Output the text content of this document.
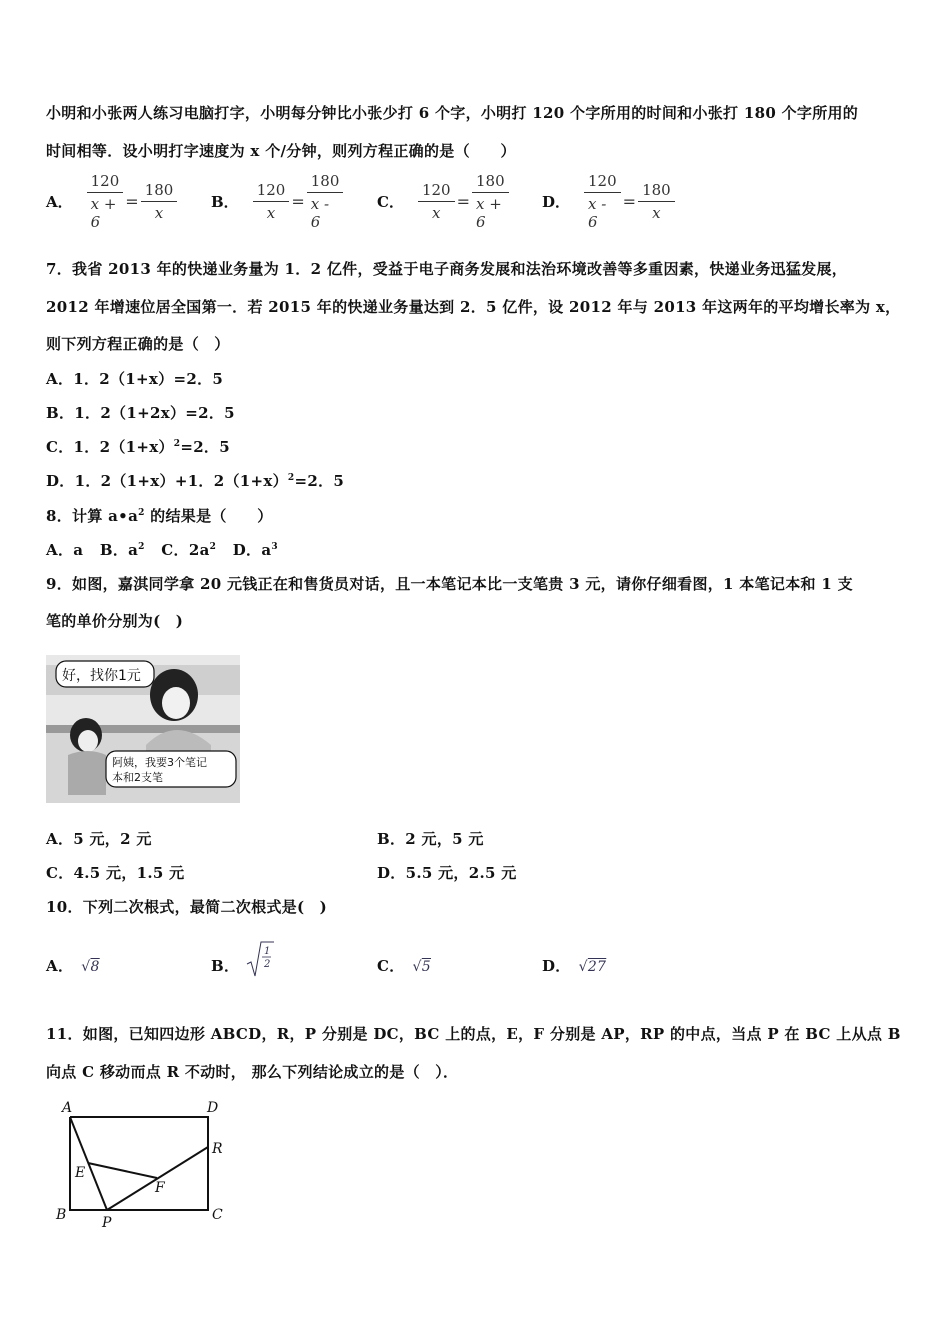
小明和小张两人练习电脑打字，小明每分钟比小张少打 6 个字，小明打 120 个字所用的时间和小张打 180 个字所用的
时间相等．设小明打字速度为 x 个/分钟，则列方程正确的是（　　）
A． $\frac{120}{x + 6} = \frac{180}{x}$ B． $\frac{120}{x} = \frac{180}{x - 6}$ C． $\frac{120}{x} = \frac{180}{x + 6}$ D． $\frac{120}{x - 6} = \frac{180}{x}$
7．我省 2013 年的快递业务量为 1．2 亿件，受益于电子商务发展和法治环境改善等多重因素，快递业务迅猛发展，
2012 年增速位居全国第一．若 2015 年的快递业务量达到 2．5 亿件，设 2012 年与 2013 年这两年的平均增长率为 x，
则下列方程正确的是（　）
A．1．2（1+x）=2．5
B．1．2（1+2x）=2．5
C．1．$2(1+x)^2=2$．5
D．1．2（1+x）+1．$2(1+x)^2=2$．5
8．计算 $a•a^2$ 的结果是（　　）
A．a B．$a^2$ C．$2a^2$ D．$a^3$
9．如图，嘉淇同学拿 20 元钱正在和售货员对话，且一本笔记本比一支笔贵 3 元，请你仔细看图，1 本笔记本和 1 支
笔的单价分别为(　)
好，找你1元
阿姨，我要3个笔记
本和2支笔
A．5 元，2 元	B．2 元，5 元
C．4.5 元，1.5 元	D．5.5 元，2.5 元
10．下列二次根式，最简二次根式是(　)
A． √8	B．
1
2	C． √5	D． √27
11．如图，已知四边形 ABCD，R，P 分别是 DC，BC 上的点，E，F 分别是 AP，RP 的中点，当点 P 在 BC 上从点 B
向点 C 移动而点 R 不动时， 那么下列结论成立的是（　）．
A	D
R
E
F
B	P	C
